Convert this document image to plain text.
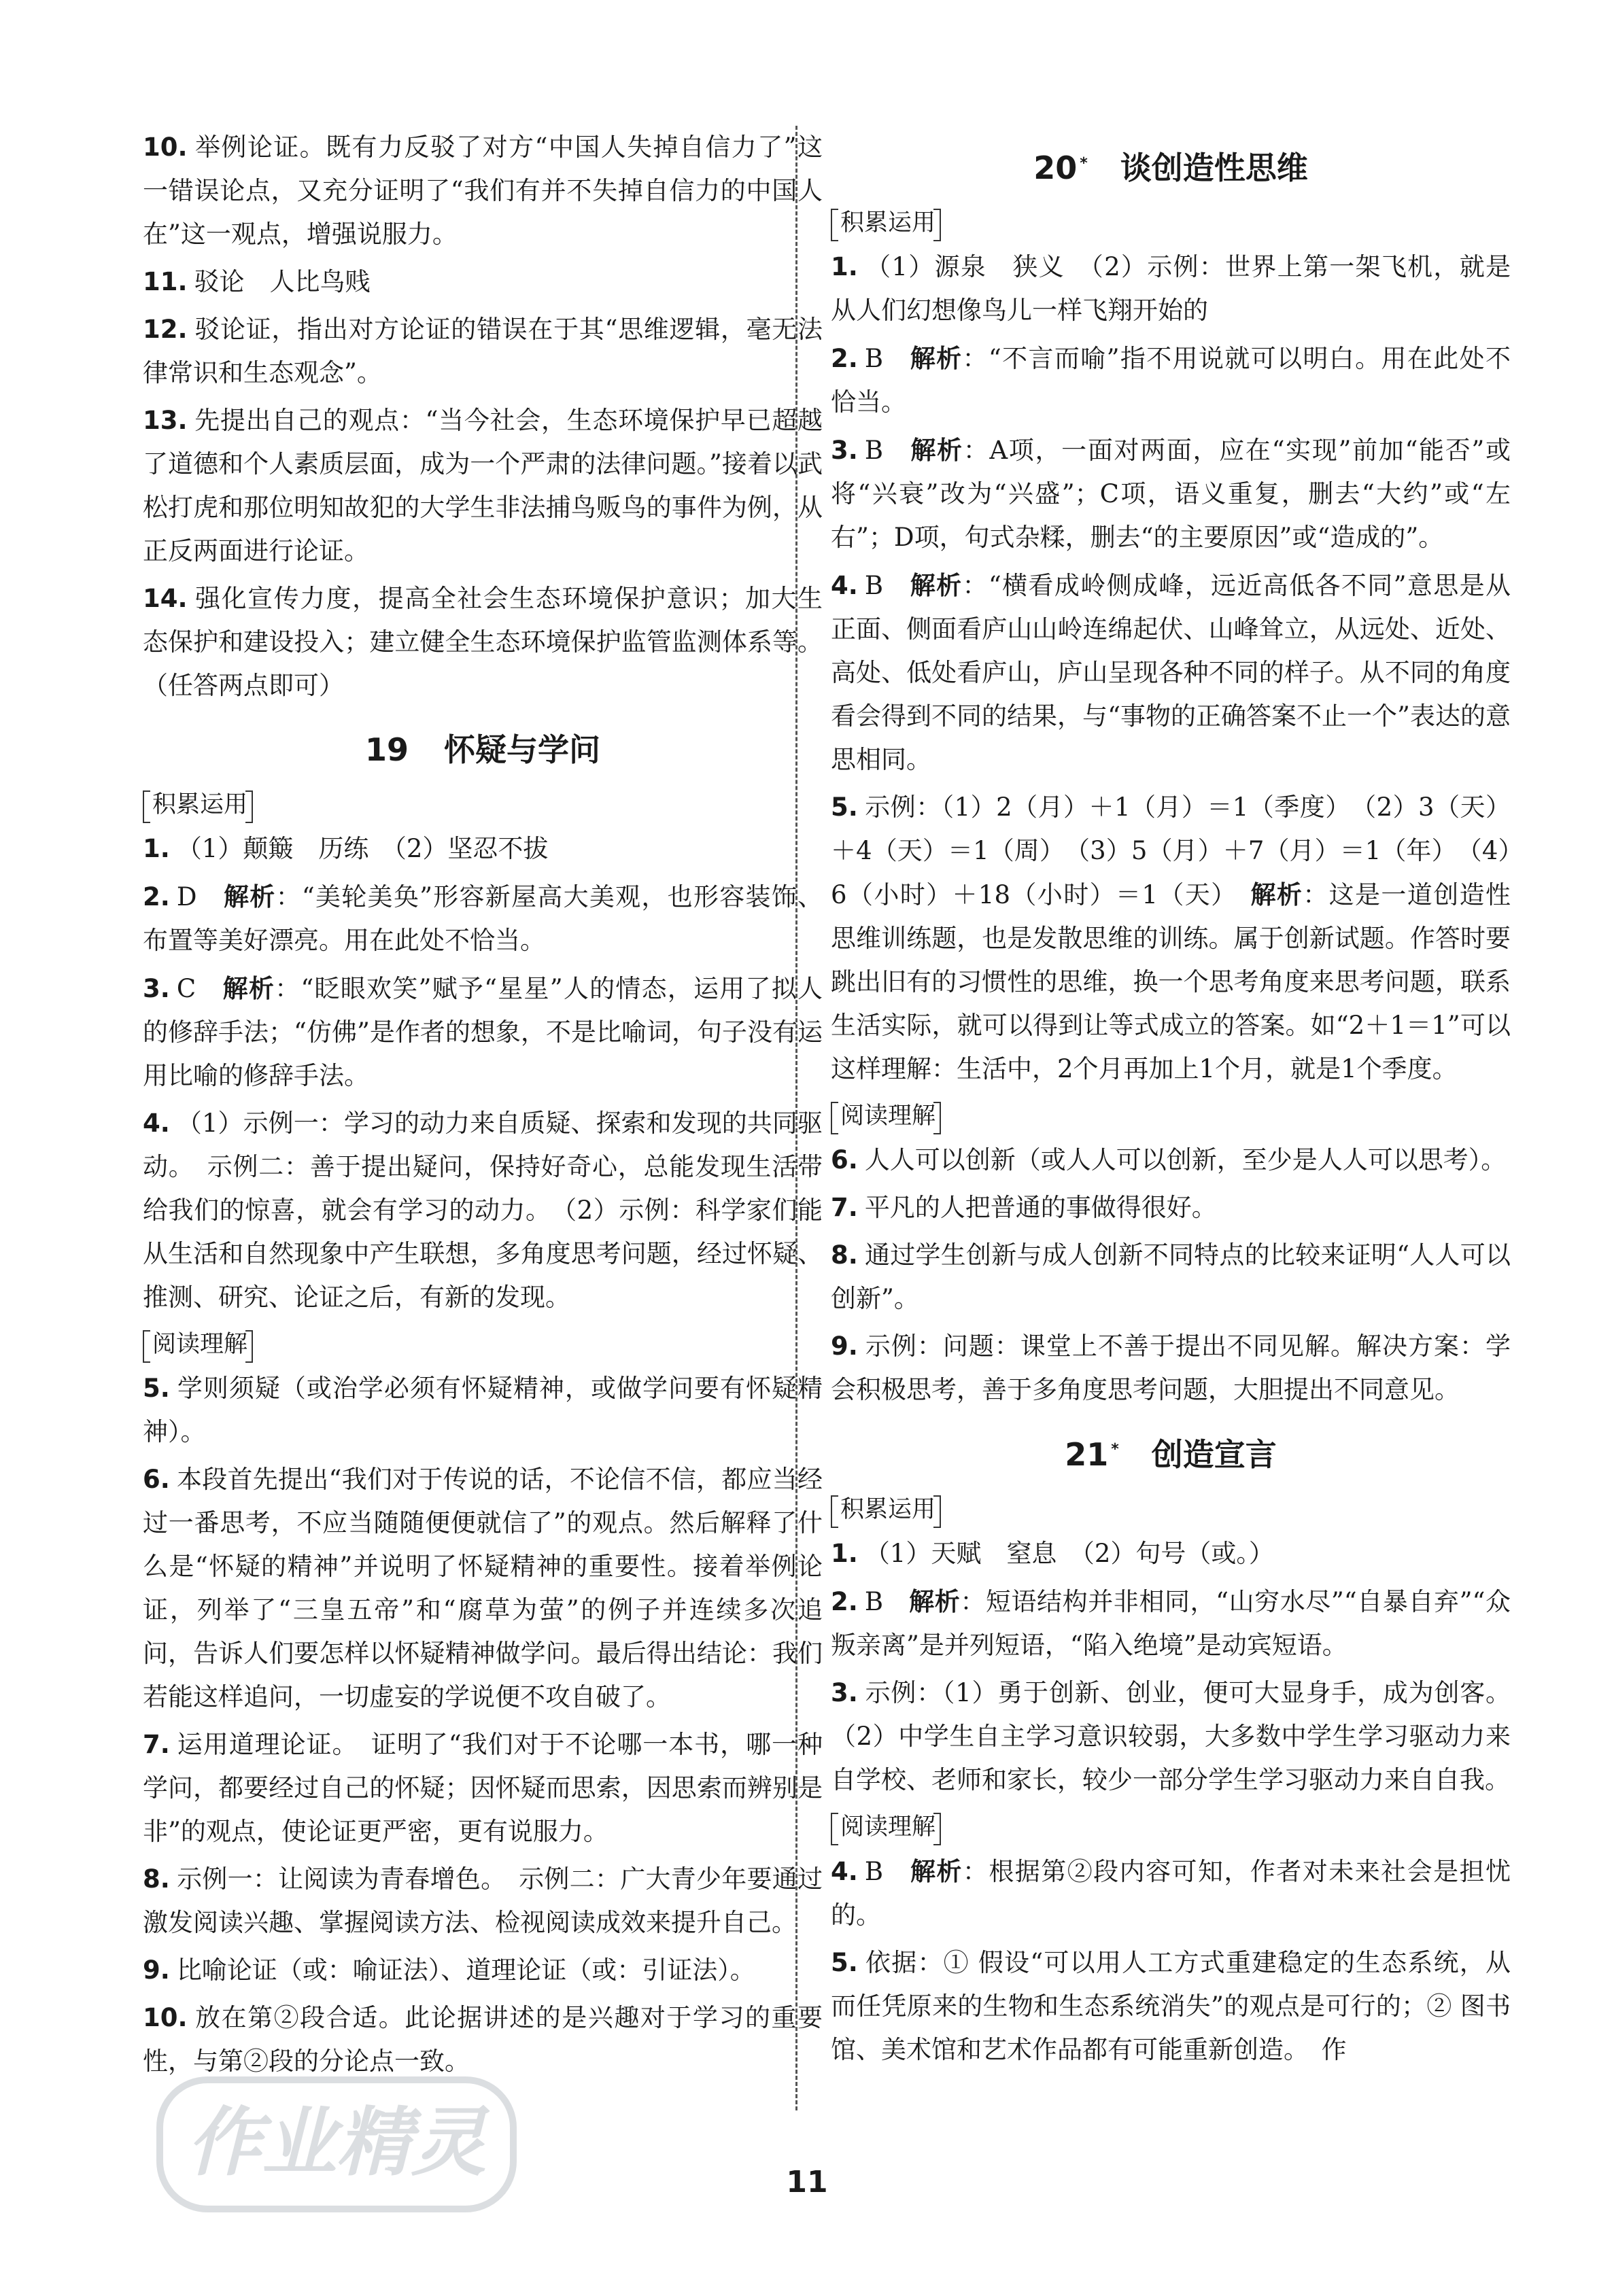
10. 举例论证。既有力反驳了对方“中国人失掉自信力了”这一错误论点，又充分证明了“我们有并不失掉自信力的中国人在”这一观点，增强说服力。

11. 驳论　人比鸟贱

12. 驳论证，指出对方论证的错误在于其“思维逻辑，毫无法律常识和生态观念”。

13. 先提出自己的观点：“当今社会，生态环境保护早已超越了道德和个人素质层面，成为一个严肃的法律问题。”接着以武松打虎和那位明知故犯的大学生非法捕鸟贩鸟的事件为例，从正反两面进行论证。

14. 强化宣传力度，提高全社会生态环境保护意识；加大生态保护和建设投入；建立健全生态环境保护监管监测体系等。（任答两点即可）

19 怀疑与学问
积累运用

1. （1）颠簸　历练　（2）坚忍不拔

2. D　 解析：“美轮美奂”形容新屋高大美观，也形容装饰、布置等美好漂亮。用在此处不恰当。

3. C　 解析：“眨眼欢笑”赋予“星星”人的情态，运用了拟人的修辞手法；“仿佛”是作者的想象，不是比喻词，句子没有运用比喻的修辞手法。

4. （1）示例一：学习的动力来自质疑、探索和发现的共同驱动。　示例二：善于提出疑问，保持好奇心，总能发现生活带给我们的惊喜，就会有学习的动力。　（2）示例：科学家们能从生活和自然现象中产生联想，多角度思考问题，经过怀疑、推测、研究、论证之后，有新的发现。

阅读理解

5. 学则须疑（或治学必须有怀疑精神，或做学问要有怀疑精神）。

6. 本段首先提出“我们对于传说的话，不论信不信，都应当经过一番思考，不应当随随便便就信了”的观点。然后解释了什么是“怀疑的精神”并说明了怀疑精神的重要性。接着举例论证，列举了“三皇五帝”和“腐草为萤”的例子并连续多次追问，告诉人们要怎样以怀疑精神做学问。最后得出结论：我们若能这样追问，一切虚妄的学说便不攻自破了。

7. 运用道理论证。　证明了“我们对于不论哪一本书，哪一种学问，都要经过自己的怀疑；因怀疑而思索，因思索而辨别是非”的观点，使论证更严密，更有说服力。

8. 示例一：让阅读为青春增色。　示例二：广大青少年要通过激发阅读兴趣、掌握阅读方法、检视阅读成效来提升自己。

9. 比喻论证（或：喻证法）、道理论证（或：引证法）。

10. 放在第②段合适。此论据讲述的是兴趣对于学习的重要性，与第②段的分论点一致。

20 * 谈创造性思维
积累运用

1. （1）源泉　狭义　（2）示例：世界上第一架飞机，就是从人们幻想像鸟儿一样飞翔开始的

2. B　 解析：“不言而喻”指不用说就可以明白。用在此处不恰当。

3. B　 解析：A项，一面对两面，应在“实现”前加“能否”或将“兴衰”改为“兴盛”；C项，语义重复，删去“大约”或“左右”；D项，句式杂糅，删去“的主要原因”或“造成的”。

4. B　 解析：“横看成岭侧成峰，远近高低各不同”意思是从正面、侧面看庐山山岭连绵起伏、山峰耸立，从远处、近处、高处、低处看庐山，庐山呈现各种不同的样子。从不同的角度看会得到不同的结果，与“事物的正确答案不止一个”表达的意思相同。

5. 示例：（1）2（月）＋1（月）＝1（季度）　（2）3（天）＋4（天）＝1（周）　（3）5（月）＋7（月）＝1（年）　（4）6（小时）＋18（小时）＝1（天）　 解析：这是一道创造性思维训练题，也是发散思维的训练。属于创新试题。作答时要跳出旧有的习惯性的思维，换一个思考角度来思考问题，联系生活实际，就可以得到让等式成立的答案。如“2＋1＝1”可以这样理解：生活中，2个月再加上1个月，就是1个季度。

阅读理解

6. 人人可以创新（或人人可以创新，至少是人人可以思考）。

7. 平凡的人把普通的事做得很好。

8. 通过学生创新与成人创新不同特点的比较来证明“人人可以创新”。

9. 示例：问题：课堂上不善于提出不同见解。解决方案：学会积极思考，善于多角度思考问题，大胆提出不同意见。

21 * 创造宣言
积累运用

1. （1）天赋　窒息　（2）句号（或。）

2. B　 解析：短语结构并非相同，“山穷水尽”“自暴自弃”“众叛亲离”是并列短语，“陷入绝境”是动宾短语。

3. 示例：（1）勇于创新、创业，便可大显身手，成为创客。（2）中学生自主学习意识较弱，大多数中学生学习驱动力来自学校、老师和家长，较少一部分学生学习驱动力来自自我。

阅读理解

4. B　 解析：根据第②段内容可知，作者对未来社会是担忧的。

5. 依据：① 假设“可以用人工方式重建稳定的生态系统，从而任凭原来的生物和生态系统消失”的观点是可行的；② 图书馆、美术馆和艺术作品都有可能重新创造。　作

作业精灵	11
